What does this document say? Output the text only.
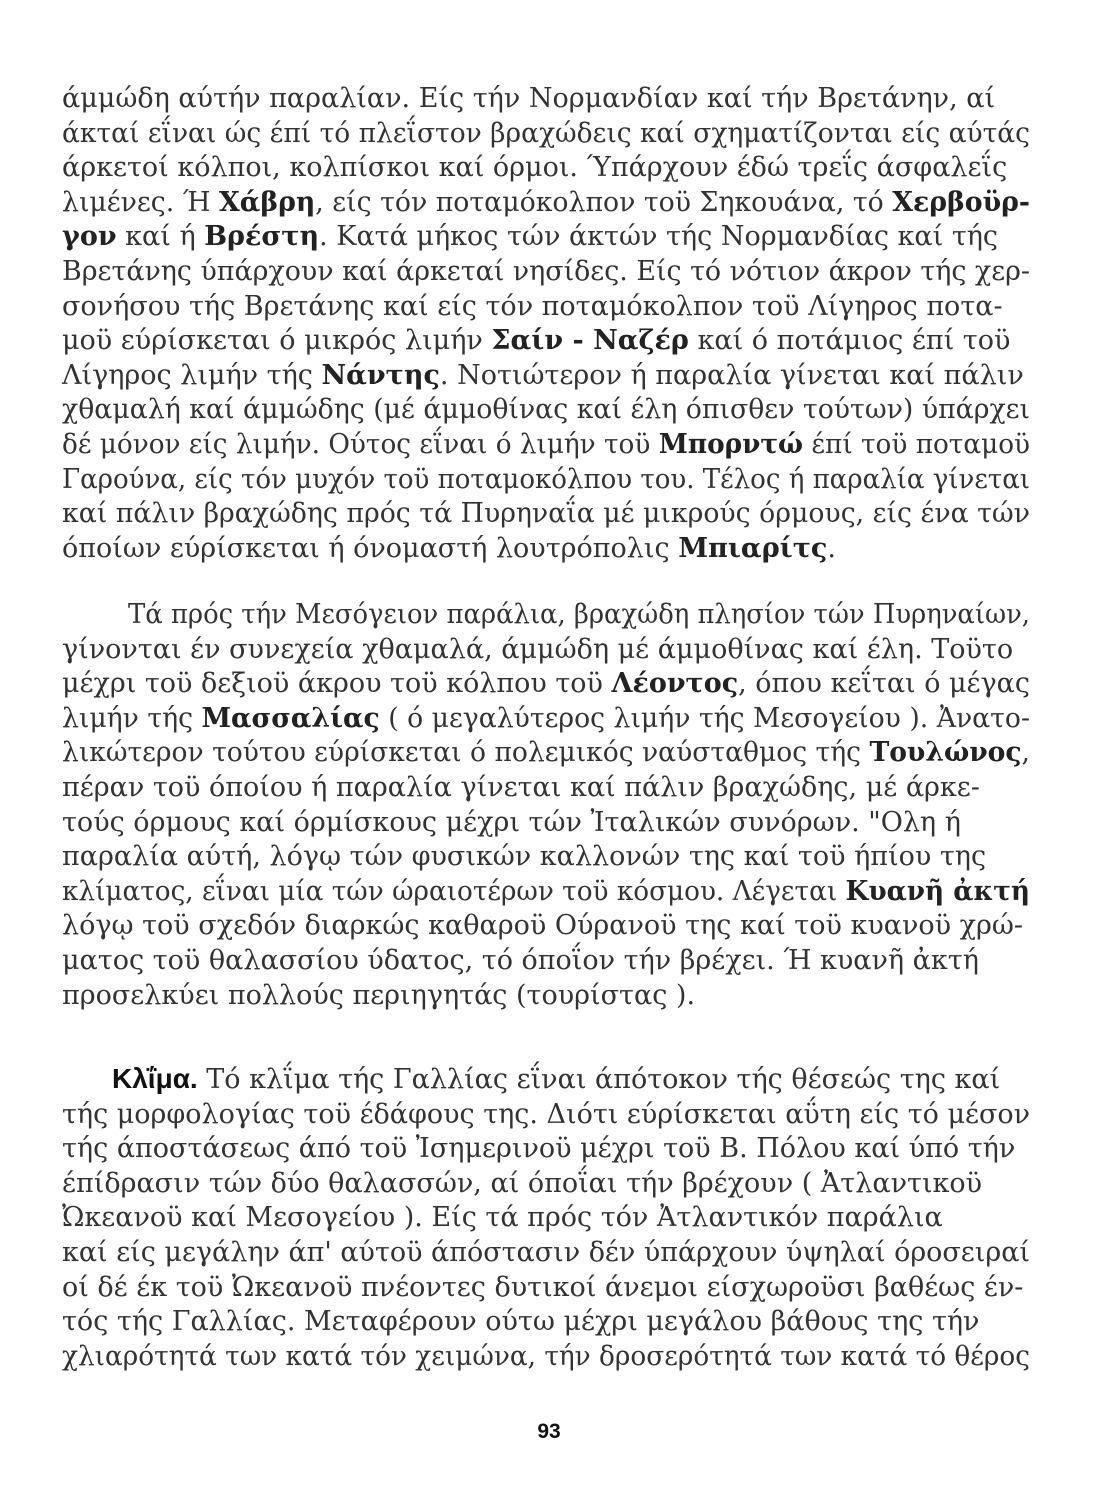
άμμώδη αύτήν παραλίαν. Είς τήν Νορμανδίαν καί τήν Βρετάνην, αί
άκταί εΐναι ώς έπί τό πλεΐστον βραχώδεις καί σχηματίζονται είς αύτάς
άρκετοί κόλποι, κολπίσκοι καί όρμοι. Ύπάρχουν έδώ τρεΐς άσφαλεΐς
λιμένες. Ή Χάβρη, είς τόν ποταμόκολπον τοϋ Σηκουάνα, τό Χερβοϋρ-
γον καί ή Βρέστη. Κατά μήκος τών άκτών τής Νορμανδίας καί τής
Βρετάνης ύπάρχουν καί άρκεταί νησίδες. Είς τό νότιον άκρον τής χερ-
σονήσου τής Βρετάνης καί είς τόν ποταμόκολπον τοϋ Λίγηρος ποτα-
μοϋ εύρίσκεται ό μικρός λιμήν Σαίν - Ναζέρ καί ό ποτάμιος έπί τοϋ
Λίγηρος λιμήν τής Νάντης. Νοτιώτερον ή παραλία γίνεται καί πάλιν
χθαμαλή καί άμμώδης (μέ άμμοθίνας καί έλη όπισθεν τούτων) ύπάρχει
δέ μόνον είς λιμήν. Ούτος εΐναι ό λιμήν τοϋ Μπορντώ έπί τοϋ ποταμοϋ
Γαρούνα, είς τόν μυχόν τοϋ ποταμοκόλπου του. Τέλος ή παραλία γίνεται
καί πάλιν βραχώδης πρός τά Πυρηναΐα μέ μικρούς όρμους, είς ένα τών
όποίων εύρίσκεται ή όνομαστή λουτρόπολις Μπιαρίτς.
Τά πρός τήν Μεσόγειον παράλια, βραχώδη πλησίον τών Πυρηναίων,
γίνονται έν συνεχεία χθαμαλά, άμμώδη μέ άμμοθίνας καί έλη. Τοϋτο
μέχρι τοϋ δεξιοϋ άκρου τοϋ κόλπου τοϋ Λέοντος, όπου κεΐται ό μέγας
λιμήν τής Μασσαλίας ( ό μεγαλύτερος λιμήν τής Μεσογείου ). Ἀνατο-
λικώτερον τούτου εύρίσκεται ό πολεμικός ναύσταθμος τής Τουλώνος,
πέραν τοϋ όποίου ή παραλία γίνεται καί πάλιν βραχώδης, μέ άρκε-
τούς όρμους καί όρμίσκους μέχρι τών Ἰταλικών συνόρων. "Ολη ή
παραλία αύτή, λόγῳ τών φυσικών καλλονών της καί τοϋ ήπίου της
κλίματος, εΐναι μία τών ώραιοτέρων τοϋ κόσμου. Λέγεται Κυανῆ ἀκτή
λόγῳ τοϋ σχεδόν διαρκώς καθαροϋ Ούρανοϋ της καί τοϋ κυανοϋ χρώ-
ματος τοϋ θαλασσίου ύδατος, τό όποΐον τήν βρέχει. Ή κυανῆ ἀκτή
προσελκύει πολλούς περιηγητάς (τουρίστας ).
Κλΐμα. Τό κλΐμα τής Γαλλίας εΐναι άπότοκον τής θέσεώς της καί
τής μορφολογίας τοϋ έδάφους της. Διότι εύρίσκεται αΰτη είς τό μέσον
τής άποστάσεως άπό τοϋ Ἰσημερινοϋ μέχρι τοϋ Β. Πόλου καί ύπό τήν
έπίδρασιν τών δύο θαλασσών, αί όποΐαι τήν βρέχουν ( Ἀτλαντικοϋ
Ὠκεανοϋ καί Μεσογείου ). Είς τά πρός τόν Ἀτλαντικόν παράλια
καί είς μεγάλην άπ' αύτοϋ άπόστασιν δέν ύπάρχουν ύψηλαί όροσειραί
οί δέ έκ τοϋ Ὠκεανοϋ πνέοντες δυτικοί άνεμοι είσχωροϋσι βαθέως έν-
τός τής Γαλλίας. Μεταφέρουν ούτω μέχρι μεγάλου βάθους της τήν
χλιαρότητά των κατά τόν χειμώνα, τήν δροσερότητά των κατά τό θέρος
93
